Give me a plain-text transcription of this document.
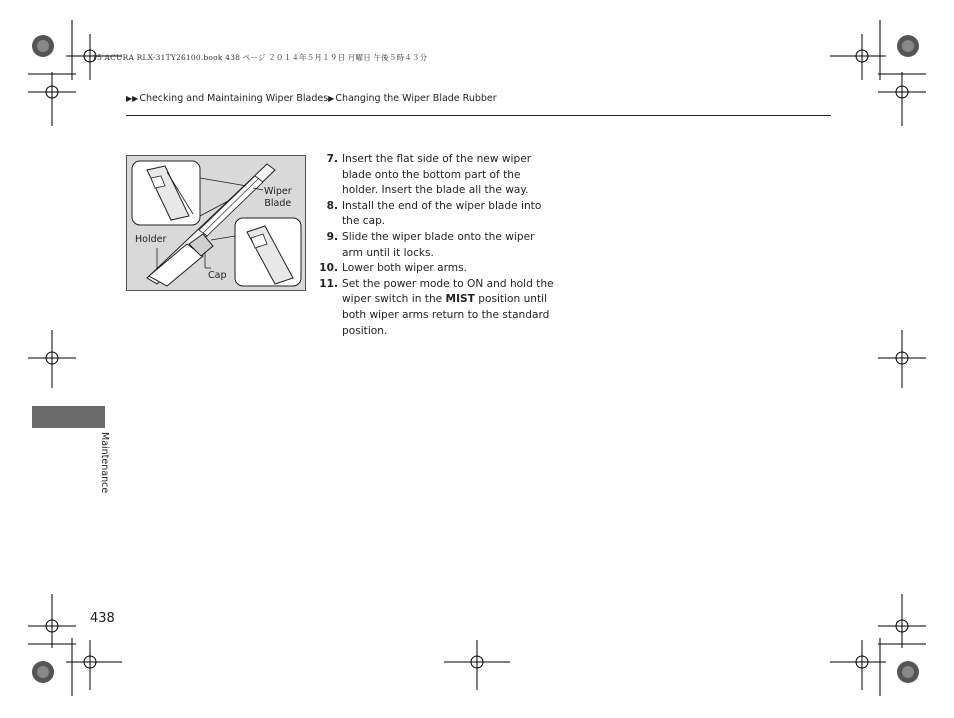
15 ACURA RLX-31TY26100.book 438 ページ ２０１４年５月１９日 月曜日 午後５時４３分
▶▶ Checking and Maintaining Wiper Blades ▶ Changing the Wiper Blade Rubber
Wiper
Blade
Holder
Cap
7. Insert the flat side of the new wiper blade onto the bottom part of the holder. Insert the blade all the way.
8. Install the end of the wiper blade into the cap.
9. Slide the wiper blade onto the wiper arm until it locks.
10. Lower both wiper arms.
11. Set the power mode to ON and hold the wiper switch in the MIST position until both wiper arms return to the standard position.
Maintenance
438
